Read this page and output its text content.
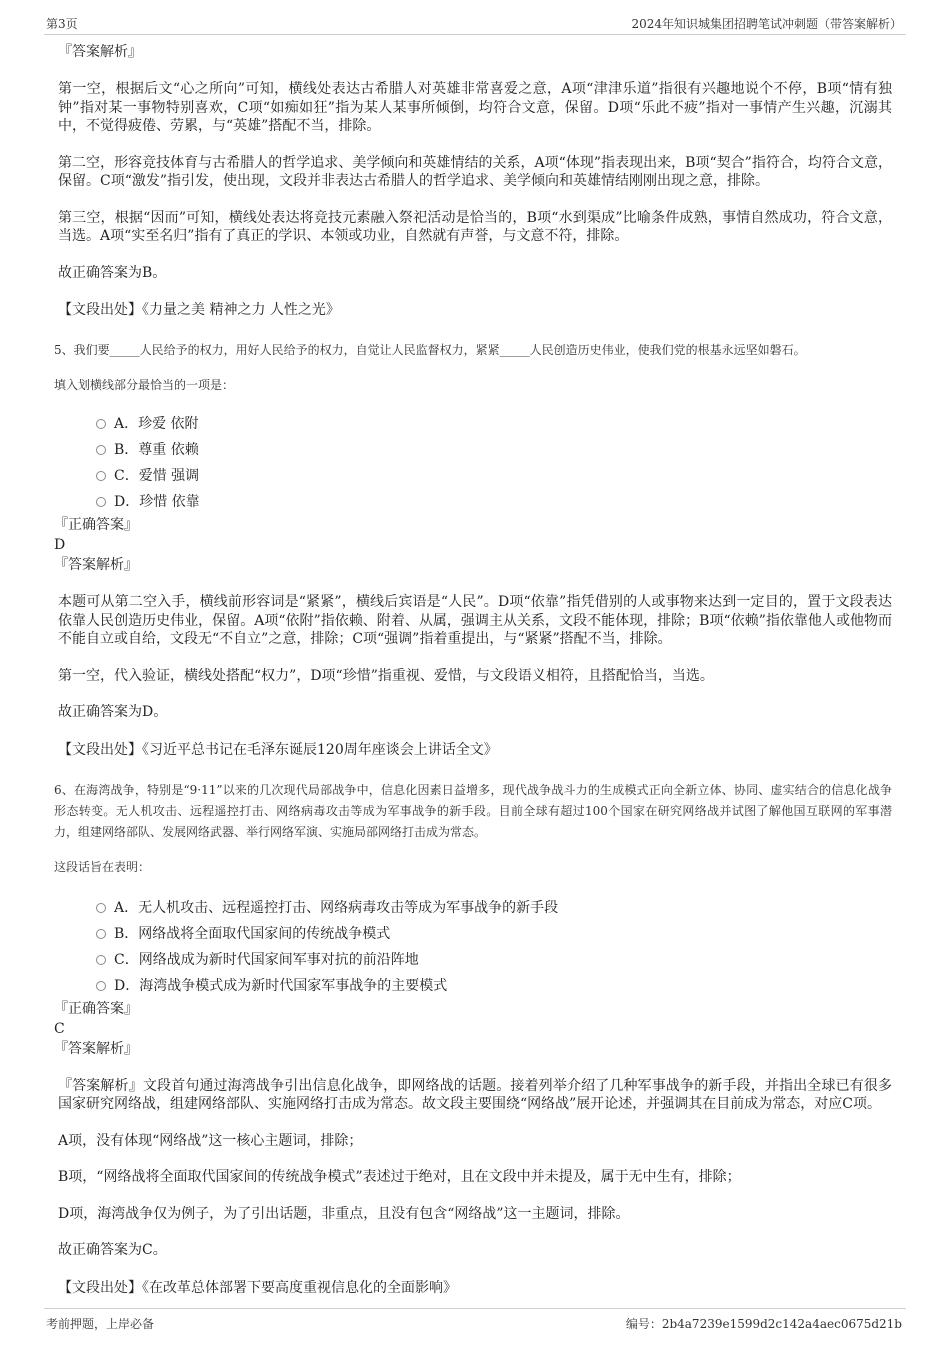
第3页	2024年知识城集团招聘笔试冲刺题（带答案解析）
『答案解析』

第一空，根据后文“心之所向”可知，横线处表达古希腊人对英雄非常喜爱之意，A项“津津乐道”指很有兴趣地说个不停，B项“情有独钟”指对某一事物特别喜欢，C项“如痴如狂”指为某人某事所倾倒，均符合文意，保留。D项“乐此不疲”指对一事情产生兴趣，沉溺其中，不觉得疲倦、劳累，与“英雄”搭配不当，排除。

第二空，形容竞技体育与古希腊人的哲学追求、美学倾向和英雄情结的关系，A项“体现”指表现出来，B项“契合”指符合，均符合文意，保留。C项“激发”指引发，使出现，文段并非表达古希腊人的哲学追求、美学倾向和英雄情结刚刚出现之意，排除。

第三空，根据“因而”可知，横线处表达将竞技元素融入祭祀活动是恰当的，B项“水到渠成”比喻条件成熟，事情自然成功，符合文意，当选。A项“实至名归”指有了真正的学识、本领或功业，自然就有声誉，与文意不符，排除。

故正确答案为B。

【文段出处】《力量之美 精神之力 人性之光》

5、我们要_____人民给予的权力，用好人民给予的权力，自觉让人民监督权力，紧紧_____人民创造历史伟业，使我们党的根基永远坚如磐石。

填入划横线部分最恰当的一项是：

A．珍爱 依附
B．尊重 依赖
C．爱惜 强调
D．珍惜 依靠
『正确答案』
D
『答案解析』

本题可从第二空入手，横线前形容词是“紧紧”，横线后宾语是“人民”。D项“依靠”指凭借别的人或事物来达到一定目的，置于文段表达依靠人民创造历史伟业，保留。A项“依附”指依赖、附着、从属，强调主从关系，文段不能体现，排除；B项“依赖”指依靠他人或他物而不能自立或自给，文段无“不自立”之意，排除；C项“强调”指着重提出，与“紧紧”搭配不当，排除。

第一空，代入验证，横线处搭配“权力”，D项“珍惜”指重视、爱惜，与文段语义相符，且搭配恰当，当选。

故正确答案为D。

【文段出处】《习近平总书记在毛泽东诞辰120周年座谈会上讲话全文》

6、在海湾战争，特别是“9·11”以来的几次现代局部战争中，信息化因素日益增多，现代战争战斗力的生成模式正向全新立体、协同、虚实结合的信息化战争形态转变。无人机攻击、远程遥控打击、网络病毒攻击等成为军事战争的新手段。目前全球有超过100个国家在研究网络战并试图了解他国互联网的军事潜力，组建网络部队、发展网络武器、举行网络军演、实施局部网络打击成为常态。

这段话旨在表明：

A．无人机攻击、远程遥控打击、网络病毒攻击等成为军事战争的新手段
B．网络战将全面取代国家间的传统战争模式
C．网络战成为新时代国家间军事对抗的前沿阵地
D．海湾战争模式成为新时代国家军事战争的主要模式
『正确答案』
C
『答案解析』

『答案解析』文段首句通过海湾战争引出信息化战争，即网络战的话题。接着列举介绍了几种军事战争的新手段，并指出全球已有很多国家研究网络战，组建网络部队、实施网络打击成为常态。故文段主要围绕“网络战”展开论述，并强调其在目前成为常态，对应C项。

A项，没有体现“网络战”这一核心主题词，排除；

B项，“网络战将全面取代国家间的传统战争模式”表述过于绝对，且在文段中并未提及，属于无中生有，排除；

D项，海湾战争仅为例子，为了引出话题，非重点，且没有包含“网络战”这一主题词，排除。

故正确答案为C。

【文段出处】《在改革总体部署下要高度重视信息化的全面影响》

考前押题，上岸必备	编号：2b4a7239e1599d2c142a4aec0675d21b
